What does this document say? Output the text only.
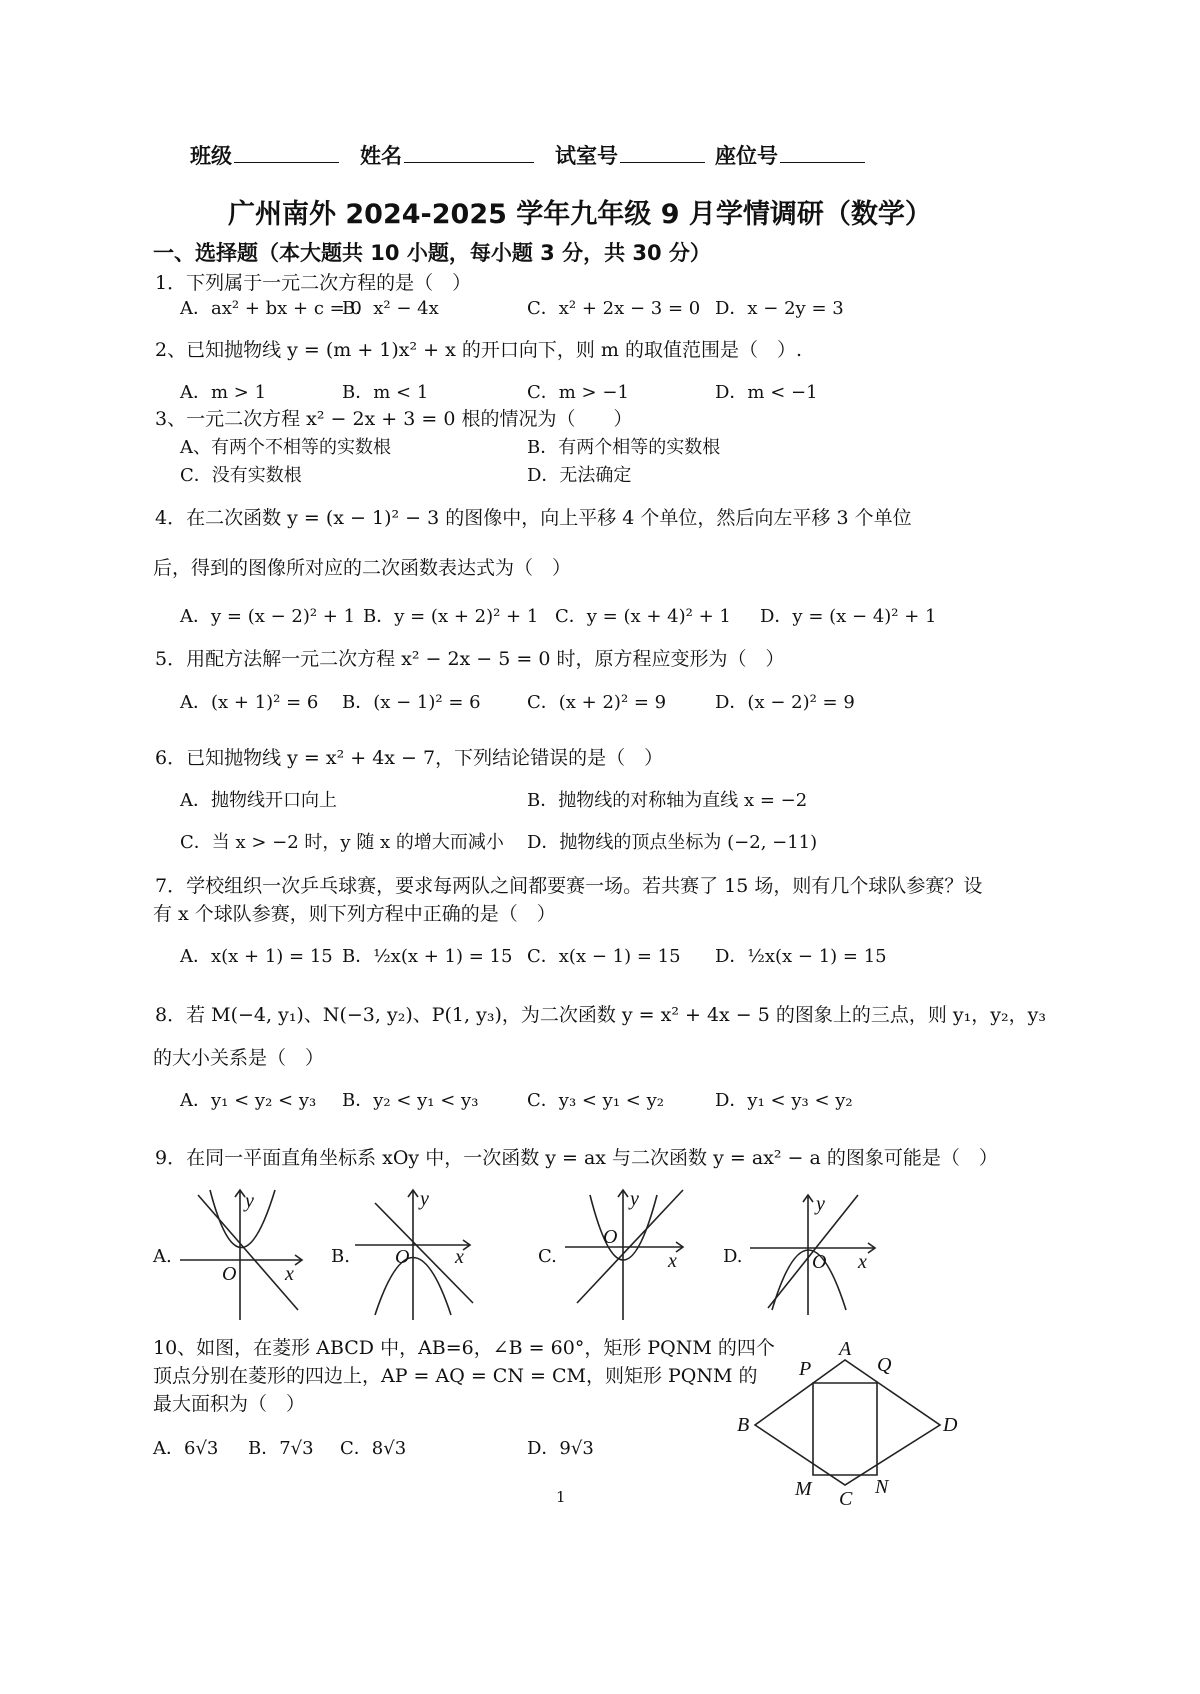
班级	姓名	试室号	座位号
广州南外 2024-2025 学年九年级 9 月学情调研（数学）
一、选择题（本大题共 10 小题，每小题 3 分，共 30 分）
1．下列属于一元二次方程的是（　）
A．ax² + bx + c = 0
B．x² − 4x	C．x² + 2x − 3 = 0 D．x − 2y = 3
2、已知抛物线 y = (m + 1)x² + x 的开口向下，则 m 的取值范围是（　）.
A．m > 1	B．m < 1	C．m > −1	D．m < −1
3、一元二次方程 x² − 2x + 3 = 0 根的情况为（　　）
A、有两个不相等的实数根	B．有两个相等的实数根
C．没有实数根	D．无法确定
4．在二次函数 y = (x − 1)² − 3 的图像中，向上平移 4 个单位，然后向左平移 3 个单位
后，得到的图像所对应的二次函数表达式为（　）
A．y = (x − 2)² + 1 B．y = (x + 2)² + 1 C．y = (x + 4)² + 1 D．y = (x − 4)² + 1
5．用配方法解一元二次方程 x² − 2x − 5 = 0 时，原方程应变形为（　）
A．(x + 1)² = 6 B．(x − 1)² = 6	C．(x + 2)² = 9	D．(x − 2)² = 9
6．已知抛物线 y = x² + 4x − 7，下列结论错误的是（　）
A．抛物线开口向上	B．抛物线的对称轴为直线 x = −2
C．当 x > −2 时，y 随 x 的增大而减小 D．抛物线的顶点坐标为 (−2, −11)
7．学校组织一次乒乓球赛，要求每两队之间都要赛一场。若共赛了 15 场，则有几个球队参赛？设
有 x 个球队参赛，则下列方程中正确的是（　）
A．x(x + 1) = 15 B．½x(x + 1) = 15 C．x(x − 1) = 15 D．½x(x − 1) = 15
8．若 M(−4, y₁)、N(−3, y₂)、P(1, y₃)，为二次函数 y = x² + 4x − 5 的图象上的三点，则 y₁，y₂，y₃
的大小关系是（　）
A．y₁ < y₂ < y₃ B．y₂ < y₁ < y₃	C．y₃ < y₁ < y₂	D．y₁ < y₃ < y₂
9．在同一平面直角坐标系 xOy 中，一次函数 y = ax 与二次函数 y = ax² − a 的图象可能是（　）
A.
y
O x
B.
y
O x	C.
y
O
x	D.
y
O x
10、如图，在菱形 ABCD 中，AB=6，∠B = 60°，矩形 PQNM 的四个
顶点分别在菱形的四边上，AP = AQ = CN = CM，则矩形 PQNM 的
最大面积为（　）
A．6√3 B．7√3 C．8√3	D．9√3
A
B
C
D
P	Q
M	N
1
